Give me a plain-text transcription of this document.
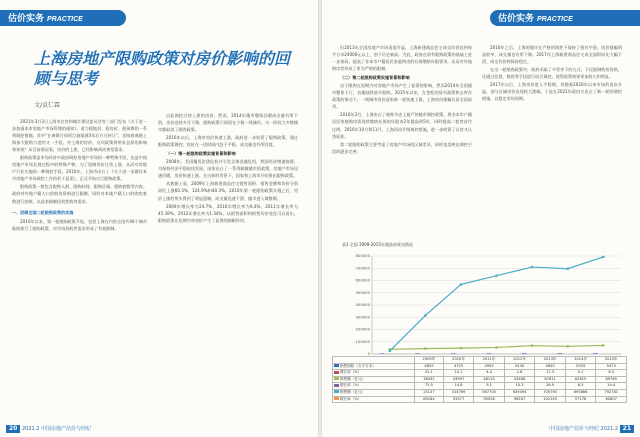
估价实务 PRACTICE
上海房地产限购政策对房价影响的回顾与思考
文/袁仁霖

2021年3月3日上海市住房和城乡建设委员会等三部门发布《关于进一步加强本市房地产市场管理的通知》，着力稳地价、稳房价、稳预期的一系列调控措施。其中“在离婚合同项目查案满3年后方可转让”，意味着离婚上海加大限购力度的又一手段。对上海的房价，这项政策将带来怎样的影响和效果？从目前情况看，房价的上涨，已经影响到改善型需求。

限购政策是市场经济中政府调控房地产市场的一种特殊手段，也是中国房地产市场发展过程中的特殊产物。为了遏制房价过快上涨，从而对房地产行业实施的一种调控手段。2010年，上海市出台了《关于进一步做好本市房地产市场调控工作的若干意见》，正式开始实行限购政策。

限购政策一般包含限购人群、限购时间、限购区域、限购套数等内容。政府对外地户籍人口的购房资格进行限制，同时对本地户籍人口的购房套数进行控制，以此来抑制投机性购房需求。

一、回顾全国二轮限购政策的实施

2010年以来，第一轮限购政策开始，包括上海在内的全国共46个城市陆续推行了限购政策，对市场投机性需求形成了有效抑制。

以此调控过快上涨的房价。然而，2014年楼市整体回暖成交量有所下滑，房价连续多月下降，限购政策只保留在少数一线城市。这一阶段大多数城市都取消了限购政策。

2016年以后，上海市房价快速上涨，政府进一步收紧了限购政策。通过限购政策调控，房价在一段时间内趋于平稳，成交量也有所回落。

（一）第一轮限购政策实施背景和影响

2008年，美国爆发次贷危机并引发全球金融危机，我国经济增速放缓。为保持经济平稳较快发展，国家出台了一系列刺激楼市的政策，房地产市场迅速回暖，房价快速上涨。在这样的背景下，国家和上海市开始推出限购政策。

从数据上看，2009年上海新建商品住宅销售面积、销售金额和均价分别同比上涨60.3%、124.9%和40.3%。2010年第一轮限购政策实施之后，房价上涨的势头得到了明显遏制，成交量迅速下滑，楼市进入调整期。

2009年增长率为24.7%，2010年增长率为6.4%，2011年增长率为45.39%，2012年增长率为1.34%，从销售面积和销售均价变化可以看出，限购政策在短期内对房价产生了显著的抑制作用。

20 2021.2 中国房地产估价与经纪
估价实务 PRACTICE

但2013年全国房地产市场再度升温，上海新建商品住宅成交均价达到每平方米24000元以上，创下历史新高。为此，政府在原有限购政策的基础上进一步加码，提高了非本市户籍居民家庭购房的社保缴纳年限要求，从而对外地购房者形成了更为严格的限制。

（二）第二轮限购政策实施背景和影响

由于限购在短期内对房地产市场产生了显著的影响，然而2014年全国楼市整体下行，各地陆续放开限购。2015年以来，在宽松的货币政策和去库存政策的推动下，一线城市房价迎来新一轮快速上涨，上海房价涨幅位居全国前列。

2016年3月，上海出台了被称为史上最严的楼市调控政策，将非本市户籍居民家庭购房需连续缴纳社保的年限由2年提高到5年，同时提高二套房首付比例。2016年10月和11月，上海再次升级调控措施，进一步收紧了认房又认贷标准。

第二轮限购政策主要考虑了房地产市场的区域差异，同时也反映出调控手段的逐步完善。

2016年之后，上海的楼市在严格的调控下保持了相对平稳，房价涨幅明显收窄，成交量也有所下降。2017年上海新建商品住宅成交面积同比大幅下滑，成交均价则保持稳定。

在这一轮限购政策中，政府采取了多管齐下的方式，不仅限制购房资格，还通过信贷、税收等手段进行综合调控，使得政策效果更加持久和明显。

2017年以后，上海房价进入平稳期，但随着2020年以来市场的再次升温，部分区域房价出现较大涨幅，于是在2021年政府又出台了新一轮的调控措施，以稳定市场预期。

表1 全国 2009-2015年商品房成交情况
0
100000
200000
300000
400000
500000
600000
700000
800000
	2009年	2010年	2011年	2012年	2013年	2014年	2015年
销售面积（万平方米）	4859	4725	4993	5430	5850	5933	5473
增长率（%）	42.1	10.1	4.4	1.8	17.3	9.1	6.5
销售额（亿元）	38432	43997	48110	53468	67811	62815	69769
增长率（%）	75.5	14.8	9.1	10.3	26.9	6.3	14.4
销售额（亿元）	25137	314769	567705	639494	709790	695866	792781
增长率（%）	89184	53377	90526	96507	102145	57176	62807
中国房地产估价与经纪 2021.2 21
